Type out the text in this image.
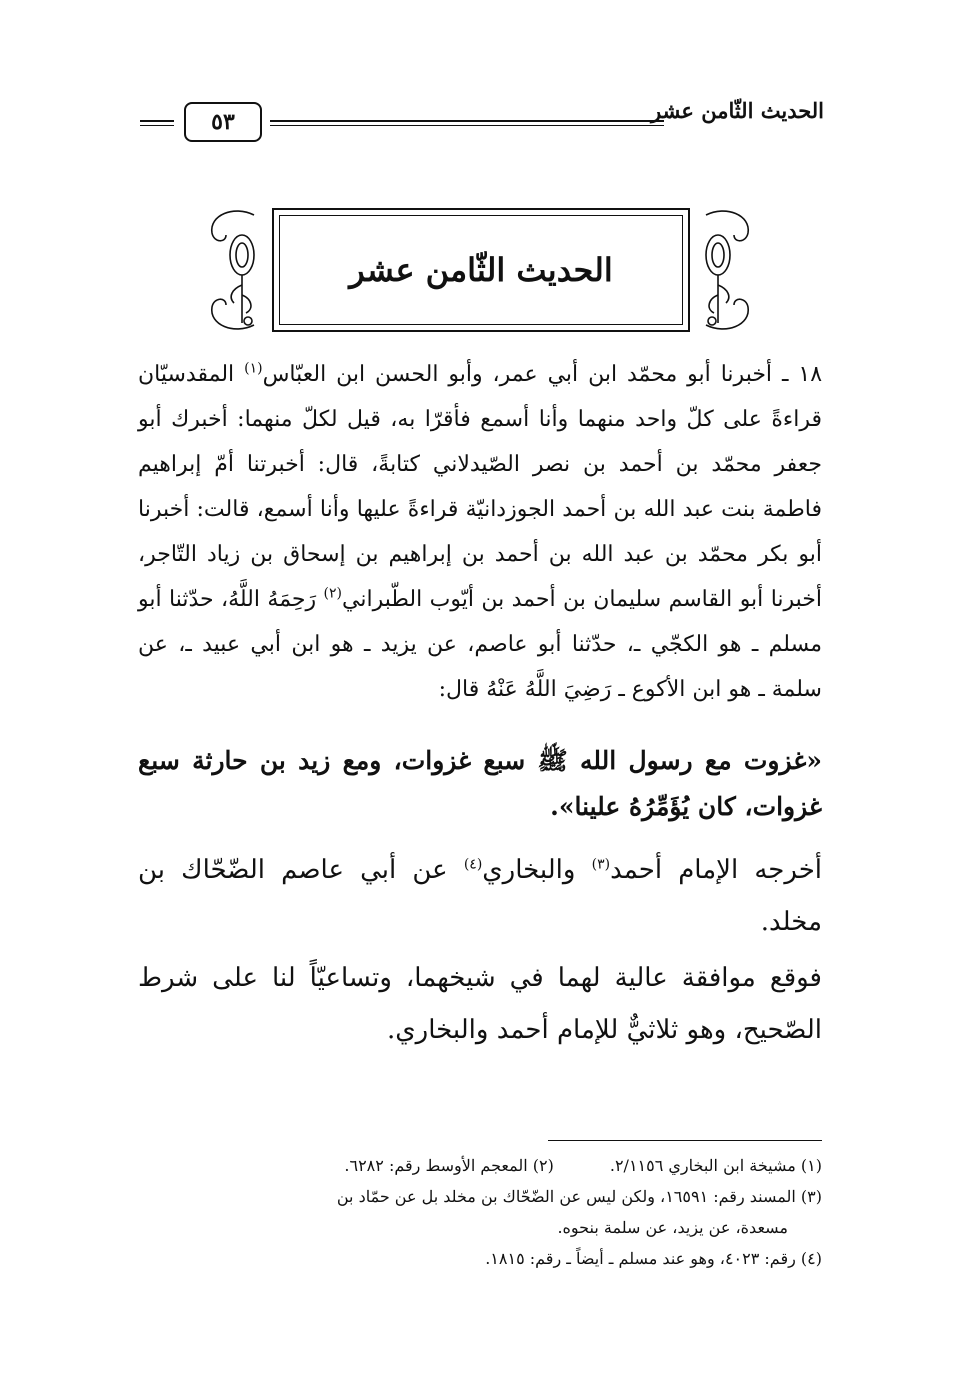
الحديث الثّامن عشر
٥٣
الحديث الثّامن عشر

١٨ ـ أخبرنا أبو محمّد ابن أبي عمر، وأبو الحسن ابن العبّاس$^{(١)}$ المقدسيّان قراءةً على كلّ واحد منهما وأنا أسمع فأقرّا به، قيل لكلّ منهما: أخبرك أبو جعفر محمّد بن أحمد بن نصر الصّيدلاني كتابةً، قال: أخبرتنا أمّ إبراهيم فاطمة بنت عبد الله بن أحمد الجوزدانيّة قراءةً عليها وأنا أسمع، قالت: أخبرنا أبو بكر محمّد بن عبد الله بن أحمد بن إبراهيم بن إسحاق بن زياد التّاجر، أخبرنا أبو القاسم سليمان بن أحمد بن أيّوب الطّبراني$^{(٢)}$ رَحِمَهُ اللَّهُ، حدّثنا أبو مسلم ـ هو الكجّي ـ، حدّثنا أبو عاصم، عن يزيد ـ هو ابن أبي عبيد ـ، عن سلمة ـ هو ابن الأكوع ـ رَضِيَ اللَّهُ عَنْهُ قال:

«غزوت مع رسول الله ﷺ سبع غزوات، ومع زيد بن حارثة سبع غزوات، كان يُؤَمِّرُهُ علينا».
أخرجه الإمام أحمد$^{(٣)}$ والبخاري$^{(٤)}$ عن أبي عاصم الضّحّاك بن مخلد.
فوقع موافقة عالية لهما في شيخهما، وتساعيّاً لنا على شرط الصّحيح، وهو ثلاثيٌّ للإمام أحمد والبخاري.
(١) مشيخة ابن البخاري ٢/١١٥٦.
(٢) المعجم الأوسط رقم: ٦٢٨٢.
(٣) المسند رقم: ١٦٥٩١، ولكن ليس عن الضّحّاك بن مخلد بل عن حمّاد بن
مسعدة، عن يزيد، عن سلمة بنحوه.
(٤) رقم: ٤٠٢٣، وهو عند مسلم ـ أيضاً ـ رقم: ١٨١٥.
